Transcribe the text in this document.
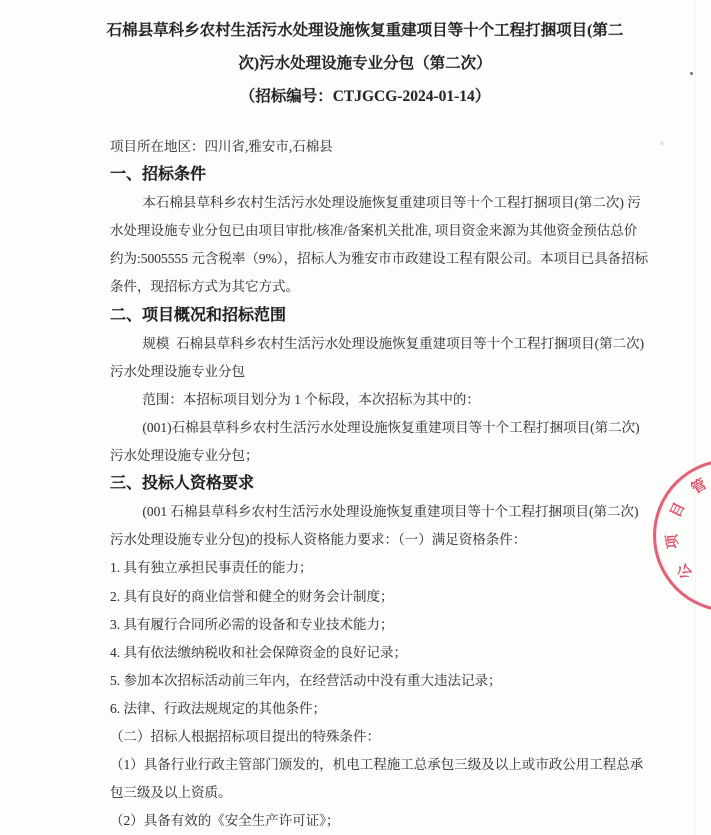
石棉县草科乡农村生活污水处理设施恢复重建项目等十个工程打捆项目(第二
次)污水处理设施专业分包（第二次）
（招标编号：CTJGCG-2024-01-14）
项目所在地区：四川省,雅安市,石棉县
一、招标条件
本石棉县草科乡农村生活污水处理设施恢复重建项目等十个工程打捆项目(第二次) 污
水处理设施专业分包已由项目审批/核准/备案机关批准, 项目资金来源为其他资金预估总价
约为:5005555 元含税率（9%），招标人为雅安市市政建设工程有限公司。本项目已具备招标
条件，现招标方式为其它方式。
二、项目概况和招标范围
规模  石棉县草科乡农村生活污水处理设施恢复重建项目等十个工程打捆项目(第二次)
污水处理设施专业分包
范围：本招标项目划分为 1 个标段，本次招标为其中的：
(001)石棉县草科乡农村生活污水处理设施恢复重建项目等十个工程打捆项目(第二次)
污水处理设施专业分包；
三、投标人资格要求
(001 石棉县草科乡农村生活污水处理设施恢复重建项目等十个工程打捆项目(第二次)
污水处理设施专业分包)的投标人资格能力要求：（一）满足资格条件：
1. 具有独立承担民事责任的能力；
2. 具有良好的商业信誉和健全的财务会计制度；
3. 具有履行合同所必需的设备和专业技术能力；
4. 具有依法缴纳税收和社会保障资金的良好记录；
5. 参加本次招标活动前三年内，在经营活动中没有重大违法记录；
6. 法律、行政法规规定的其他条件；
（二）招标人根据招标项目提出的特殊条件：
（1）具备行业行政主管部门颁发的，机电工程施工总承包三级及以上或市政公用工程总承
包三级及以上资质。
（2）具备有效的《安全生产许可证》；
管
目
项
公
